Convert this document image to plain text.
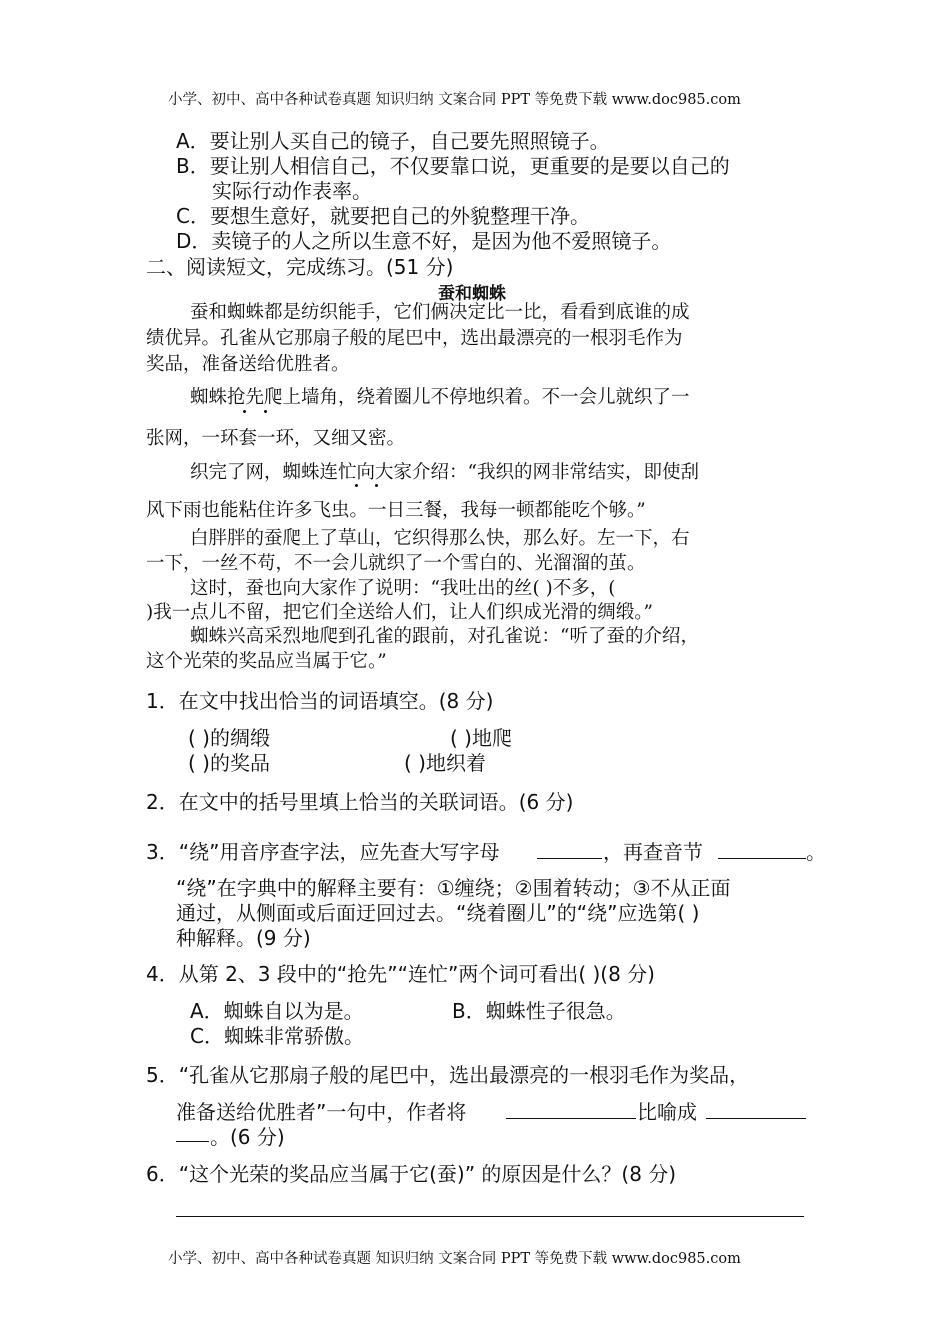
小学、初中、高中各种试卷真题 知识归纳 文案合同 PPT 等免费下载 www.doc985.com
A．要让别人买自己的镜子，自己要先照照镜子。
B．要让别人相信自己，不仅要靠口说，更重要的是要以自己的
实际行动作表率。
C．要想生意好，就要把自己的外貌整理干净。
D．卖镜子的人之所以生意不好，是因为他不爱照镜子。
二、阅读短文，完成练习。(51 分)
蚕和蜘蛛
蚕和蜘蛛都是纺织能手，它们俩决定比一比，看看到底谁的成
绩优异。孔雀从它那扇子般的尾巴中，选出最漂亮的一根羽毛作为
奖品，准备送给优胜者。
蜘蛛抢先爬上墙角，绕着圈儿不停地织着。不一会儿就织了一
张网，一环套一环，又细又密。
织完了网，蜘蛛连忙向大家介绍：“我织的网非常结实，即使刮
风下雨也能粘住许多飞虫。一日三餐，我每一顿都能吃个够。”
白胖胖的蚕爬上了草山，它织得那么快，那么好。左一下，右
一下，一丝不苟，不一会儿就织了一个雪白的、光溜溜的茧。
这时，蚕也向大家作了说明：“我吐出的丝( )不多，(
)我一点儿不留，把它们全送给人们，让人们织成光滑的绸缎。”
蜘蛛兴高采烈地爬到孔雀的跟前，对孔雀说：“听了蚕的介绍，
这个光荣的奖品应当属于它。”
1．在文中找出恰当的词语填空。(8 分)
( )的绸缎	( )地爬
( )的奖品	( )地织着
2．在文中的括号里填上恰当的关联词语。(6 分)
3．“绕”用音序查字法，应先查大写字母	，再查音节	。
“绕”在字典中的解释主要有：①缠绕；②围着转动；③不从正面
通过，从侧面或后面迂回过去。“绕着圈儿”的“绕”应选第( )
种解释。(9 分)
4．从第 2、3 段中的“抢先”“连忙”两个词可看出( )(8 分)
A．蜘蛛自以为是。	B．蜘蛛性子很急。
C．蜘蛛非常骄傲。
5．“孔雀从它那扇子般的尾巴中，选出最漂亮的一根羽毛作为奖品，
准备送给优胜者”一句中，作者将	比喻成
。(6 分)
6．“这个光荣的奖品应当属于它(蚕)” 的原因是什么？(8 分)
小学、初中、高中各种试卷真题 知识归纳 文案合同 PPT 等免费下载 www.doc985.com
